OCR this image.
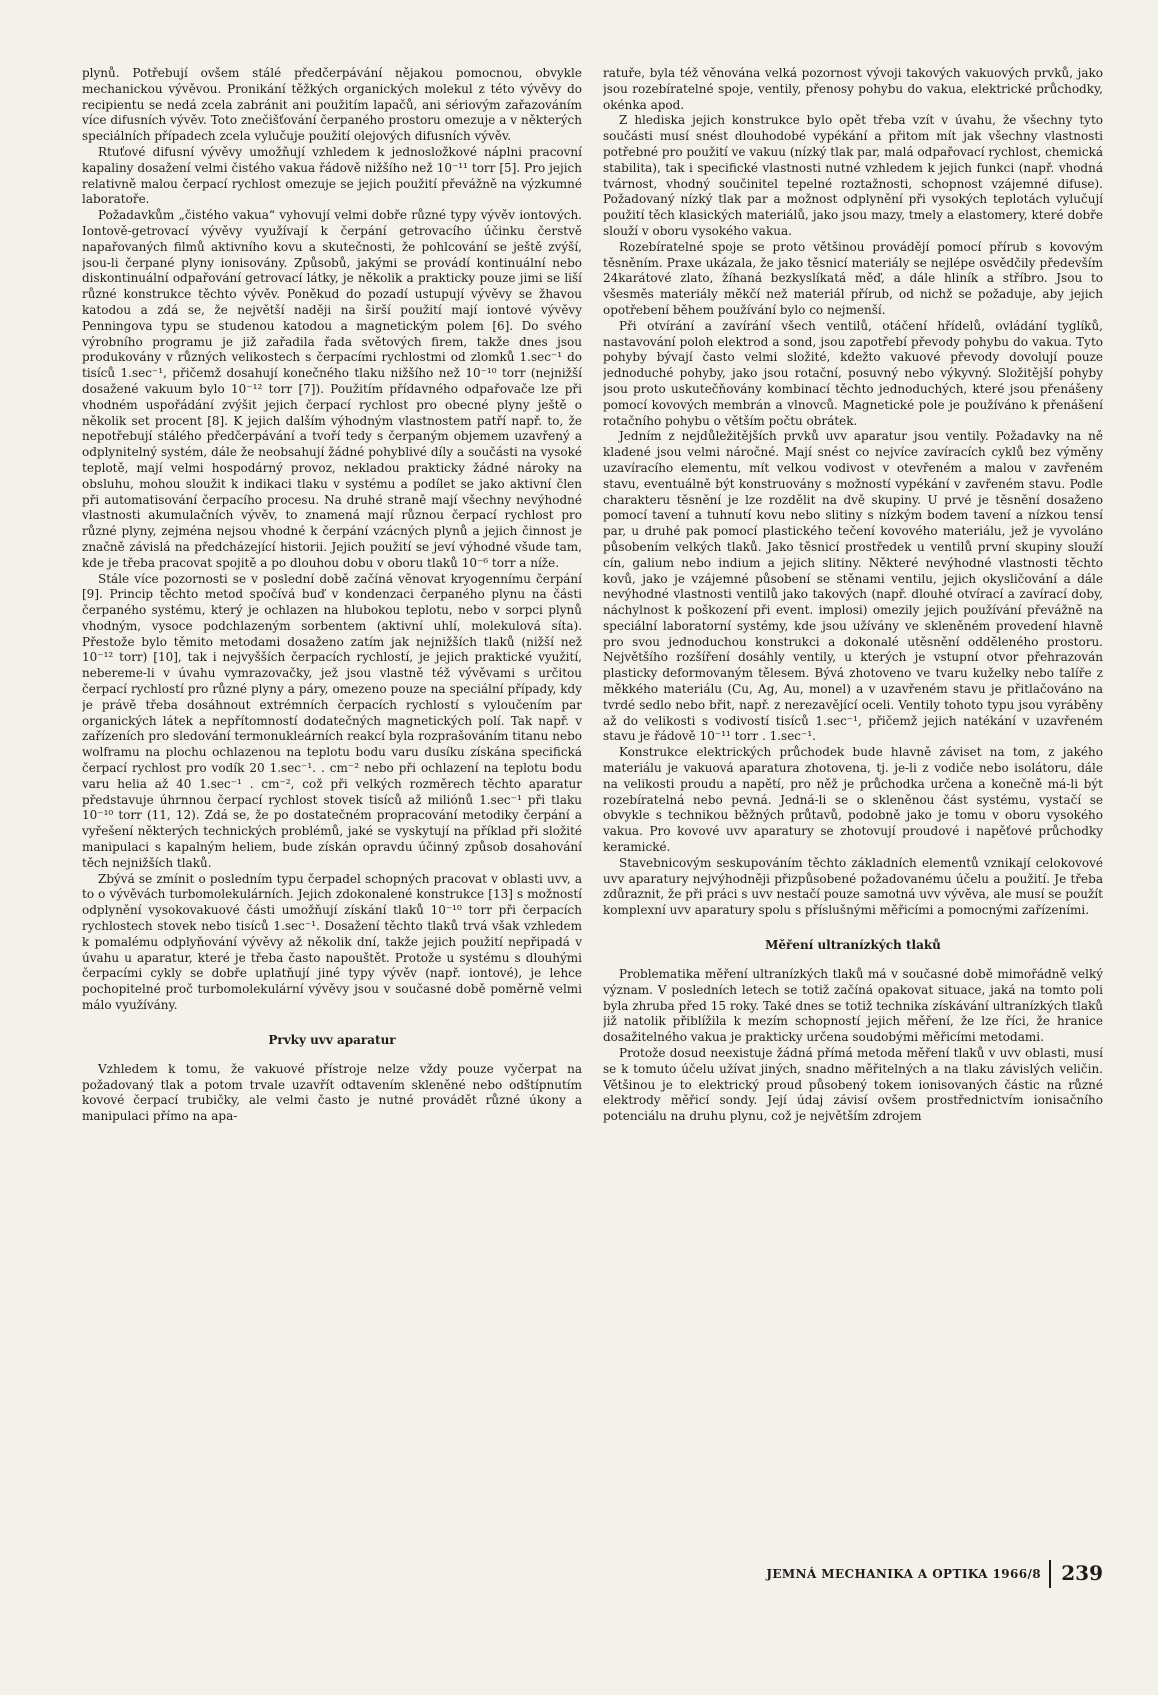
plynů. Potřebují ovšem stálé předčerpávání nějakou pomocnou, obvykle mechanickou vývěvou. Pronikání těžkých organických molekul z této vývěvy do recipientu se nedá zcela zabránit ani použitím lapačů, ani sériovým zařazováním více difusních vývěv. Toto znečišťování čerpaného prostoru omezuje a v některých speciálních případech zcela vylučuje použití olejových difusních vývěv.

Rtuťové difusní vývěvy umožňují vzhledem k jednosložkové náplni pracovní kapaliny dosažení velmi čistého vakua řádově nižšího než 10⁻¹¹ torr [5]. Pro jejich relativně malou čerpací rychlost omezuje se jejich použití převážně na výzkumné laboratoře.

Požadavkům „čistého vakua“ vyhovují velmi dobře různé typy vývěv iontových. Iontově-getrovací vývěvy využívají k čerpání getrovacího účinku čerstvě napařovaných filmů aktivního kovu a skutečnosti, že pohlcování se ještě zvýší, jsou-li čerpané plyny ionisovány. Způsobů, jakými se provádí kontinuální nebo diskontinuální odpařování getrovací látky, je několik a prakticky pouze jimi se liší různé konstrukce těchto vývěv. Poněkud do pozadí ustupují vývěvy se žhavou katodou a zdá se, že největší naději na širší použití mají iontové vývěvy Penningova typu se studenou katodou a magnetickým polem [6]. Do svého výrobního programu je již zařadila řada světových firem, takže dnes jsou produkovány v různých velikostech s čerpacími rychlostmi od zlomků 1.sec⁻¹ do tisíců 1.sec⁻¹, přičemž dosahují konečného tlaku nižšího než 10⁻¹⁰ torr (nejnižší dosažené vakuum bylo 10⁻¹² torr [7]). Použitím přídavného odpařovače lze při vhodném uspořádání zvýšit jejich čerpací rychlost pro obecné plyny ještě o několik set procent [8]. K jejich dalším výhodným vlastnostem patří např. to, že nepotřebují stálého předčerpávání a tvoří tedy s čerpaným objemem uzavřený a odplynitelný systém, dále že neobsahují žádné pohyblivé díly a součásti na vysoké teplotě, mají velmi hospodárný provoz, nekladou prakticky žádné nároky na obsluhu, mohou sloužit k indikaci tlaku v systému a podílet se jako aktivní člen při automatisování čerpacího procesu. Na druhé straně mají všechny nevýhodné vlastnosti akumulačních vývěv, to znamená mají různou čerpací rychlost pro různé plyny, zejména nejsou vhodné k čerpání vzácných plynů a jejich činnost je značně závislá na předcházející historii. Jejich použití se jeví výhodné všude tam, kde je třeba pracovat spojitě a po dlouhou dobu v oboru tlaků 10⁻⁶ torr a níže.

Stále více pozornosti se v poslední době začíná věnovat kryogennímu čerpání [9]. Princip těchto metod spočívá buď v kondenzaci čerpaného plynu na části čerpaného systému, který je ochlazen na hlubokou teplotu, nebo v sorpci plynů vhodným, vysoce podchlazeným sorbentem (aktivní uhlí, molekulová síta). Přestože bylo těmito metodami dosaženo zatím jak nejnižších tlaků (nižší než 10⁻¹² torr) [10], tak i nejvyšších čerpacích rychlostí, je jejich praktické využití, nebereme-li v úvahu vymrazovačky, jež jsou vlastně též vývěvami s určitou čerpací rychlostí pro různé plyny a páry, omezeno pouze na speciální případy, kdy je právě třeba dosáhnout extrémních čerpacích rychlostí s vyloučením par organických látek a nepřítomností dodatečných magnetických polí. Tak např. v zařízeních pro sledování termonukleárních reakcí byla rozprašováním titanu nebo wolframu na plochu ochlazenou na teplotu bodu varu dusíku získána specifická čerpací rychlost pro vodík 20 1.sec⁻¹. . cm⁻² nebo při ochlazení na teplotu bodu varu helia až 40 1.sec⁻¹ . cm⁻², což při velkých rozměrech těchto aparatur představuje úhrnnou čerpací rychlost stovek tisíců až miliónů 1.sec⁻¹ při tlaku 10⁻¹⁰ torr (11, 12). Zdá se, že po dostatečném propracování metodiky čerpání a vyřešení některých technických problémů, jaké se vyskytují na příklad při složité manipulaci s kapalným heliem, bude získán opravdu účinný způsob dosahování těch nejnižších tlaků.

Zbývá se zmínit o posledním typu čerpadel schopných pracovat v oblasti uvv, a to o vývěvách turbomolekulárních. Jejich zdokonalené konstrukce [13] s možností odplynění vysokovakuové části umožňují získání tlaků 10⁻¹⁰ torr při čerpacích rychlostech stovek nebo tisíců 1.sec⁻¹. Dosažení těchto tlaků trvá však vzhledem k pomalému odplyňování vývěvy až několik dní, takže jejich použití nepřipadá v úvahu u aparatur, které je třeba často napouštět. Protože u systému s dlouhými čerpacími cykly se dobře uplatňují jiné typy vývěv (např. iontové), je lehce pochopitelné proč turbomolekulární vývěvy jsou v současné době poměrně velmi málo využívány.

Prvky uvv aparatur

Vzhledem k tomu, že vakuové přístroje nelze vždy pouze vyčerpat na požadovaný tlak a potom trvale uzavřít odtavením skleněné nebo odštípnutím kovové čerpací trubičky, ale velmi často je nutné provádět různé úkony a manipulaci přímo na apa-

ratuře, byla též věnována velká pozornost vývoji takových vakuových prvků, jako jsou rozebíratelné spoje, ventily, přenosy pohybu do vakua, elektrické průchodky, okénka apod.

Z hlediska jejich konstrukce bylo opět třeba vzít v úvahu, že všechny tyto součásti musí snést dlouhodobé vypékání a přitom mít jak všechny vlastnosti potřebné pro použití ve vakuu (nízký tlak par, malá odpařovací rychlost, chemická stabilita), tak i specifické vlastnosti nutné vzhledem k jejich funkci (např. vhodná tvárnost, vhodný součinitel tepelné roztažnosti, schopnost vzájemné difuse). Požadovaný nízký tlak par a možnost odplynění při vysokých teplotách vylučují použití těch klasických materiálů, jako jsou mazy, tmely a elastomery, které dobře slouží v oboru vysokého vakua.

Rozebíratelné spoje se proto většinou provádějí pomocí přírub s kovovým těsněním. Praxe ukázala, že jako těsnicí materiály se nejlépe osvědčily především 24karátové zlato, žíhaná bezkyslíkatá měď, a dále hliník a stříbro. Jsou to všesměs materiály měkčí než materiál přírub, od nichž se požaduje, aby jejich opotřebení během používání bylo co nejmenší.

Při otvírání a zavírání všech ventilů, otáčení hřídelů, ovládání tyglíků, nastavování poloh elektrod a sond, jsou zapotřebí převody pohybu do vakua. Tyto pohyby bývají často velmi složité, kdežto vakuové převody dovolují pouze jednoduché pohyby, jako jsou rotační, posuvný nebo výkyvný. Složitější pohyby jsou proto uskutečňovány kombinací těchto jednoduchých, které jsou přenášeny pomocí kovových membrán a vlnovců. Magnetické pole je používáno k přenášení rotačního pohybu o větším počtu obrátek.

Jedním z nejdůležitějších prvků uvv aparatur jsou ventily. Požadavky na ně kladené jsou velmi náročné. Mají snést co nejvíce zavíracích cyklů bez výměny uzavíracího elementu, mít velkou vodivost v otevřeném a malou v zavřeném stavu, eventuálně být konstruovány s možností vypékání v zavřeném stavu. Podle charakteru těsnění je lze rozdělit na dvě skupiny. U prvé je těsnění dosaženo pomocí tavení a tuhnutí kovu nebo slitiny s nízkým bodem tavení a nízkou tensí par, u druhé pak pomocí plastického tečení kovového materiálu, jež je vyvoláno působením velkých tlaků. Jako těsnicí prostředek u ventilů první skupiny slouží cín, galium nebo indium a jejich slitiny. Některé nevýhodné vlastnosti těchto kovů, jako je vzájemné působení se stěnami ventilu, jejich okysličování a dále nevýhodné vlastnosti ventilů jako takových (např. dlouhé otvírací a zavírací doby, náchylnost k poškození při event. implosi) omezily jejich používání převážně na speciální laboratorní systémy, kde jsou užívány ve skleněném provedení hlavně pro svou jednoduchou konstrukci a dokonalé utěsnění odděleného prostoru. Největšího rozšíření dosáhly ventily, u kterých je vstupní otvor přehrazován plasticky deformovaným tělesem. Bývá zhotoveno ve tvaru kuželky nebo talíře z měkkého materiálu (Cu, Ag, Au, monel) a v uzavřeném stavu je přitlačováno na tvrdé sedlo nebo břit, např. z nerezavějící oceli. Ventily tohoto typu jsou vyráběny až do velikosti s vodivostí tisíců 1.sec⁻¹, přičemž jejich natékání v uzavřeném stavu je řádově 10⁻¹¹ torr . 1.sec⁻¹.

Konstrukce elektrických průchodek bude hlavně záviset na tom, z jakého materiálu je vakuová aparatura zhotovena, tj. je-li z vodiče nebo isolátoru, dále na velikosti proudu a napětí, pro něž je průchodka určena a konečně má-li být rozebíratelná nebo pevná. Jedná-li se o skleněnou část systému, vystačí se obvykle s technikou běžných průtavů, podobně jako je tomu v oboru vysokého vakua. Pro kovové uvv aparatury se zhotovují proudové i napěťové průchodky keramické.

Stavebnicovým seskupováním těchto základních elementů vznikají celokovové uvv aparatury nejvýhodněji přizpůsobené požadovanému účelu a použití. Je třeba zdůraznit, že při práci s uvv nestačí pouze samotná uvv vývěva, ale musí se použít komplexní uvv aparatury spolu s příslušnými měřicími a pomocnými zařízeními.

Měření ultranízkých tlaků

Problematika měření ultranízkých tlaků má v současné době mimořádně velký význam. V posledních letech se totiž začíná opakovat situace, jaká na tomto poli byla zhruba před 15 roky. Také dnes se totiž technika získávání ultranízkých tlaků již natolik přiblížila k mezím schopností jejich měření, že lze říci, že hranice dosažitelného vakua je prakticky určena soudobými měřicími metodami.

Protože dosud neexistuje žádná přímá metoda měření tlaků v uvv oblasti, musí se k tomuto účelu užívat jiných, snadno měřitelných a na tlaku závislých veličin. Většinou je to elektrický proud působený tokem ionisovaných částic na různé elektrody měřicí sondy. Její údaj závisí ovšem prostřednictvím ionisačního potenciálu na druhu plynu, což je největším zdrojem

JEMNÁ MECHANIKA A OPTIKA 1966/8 239
